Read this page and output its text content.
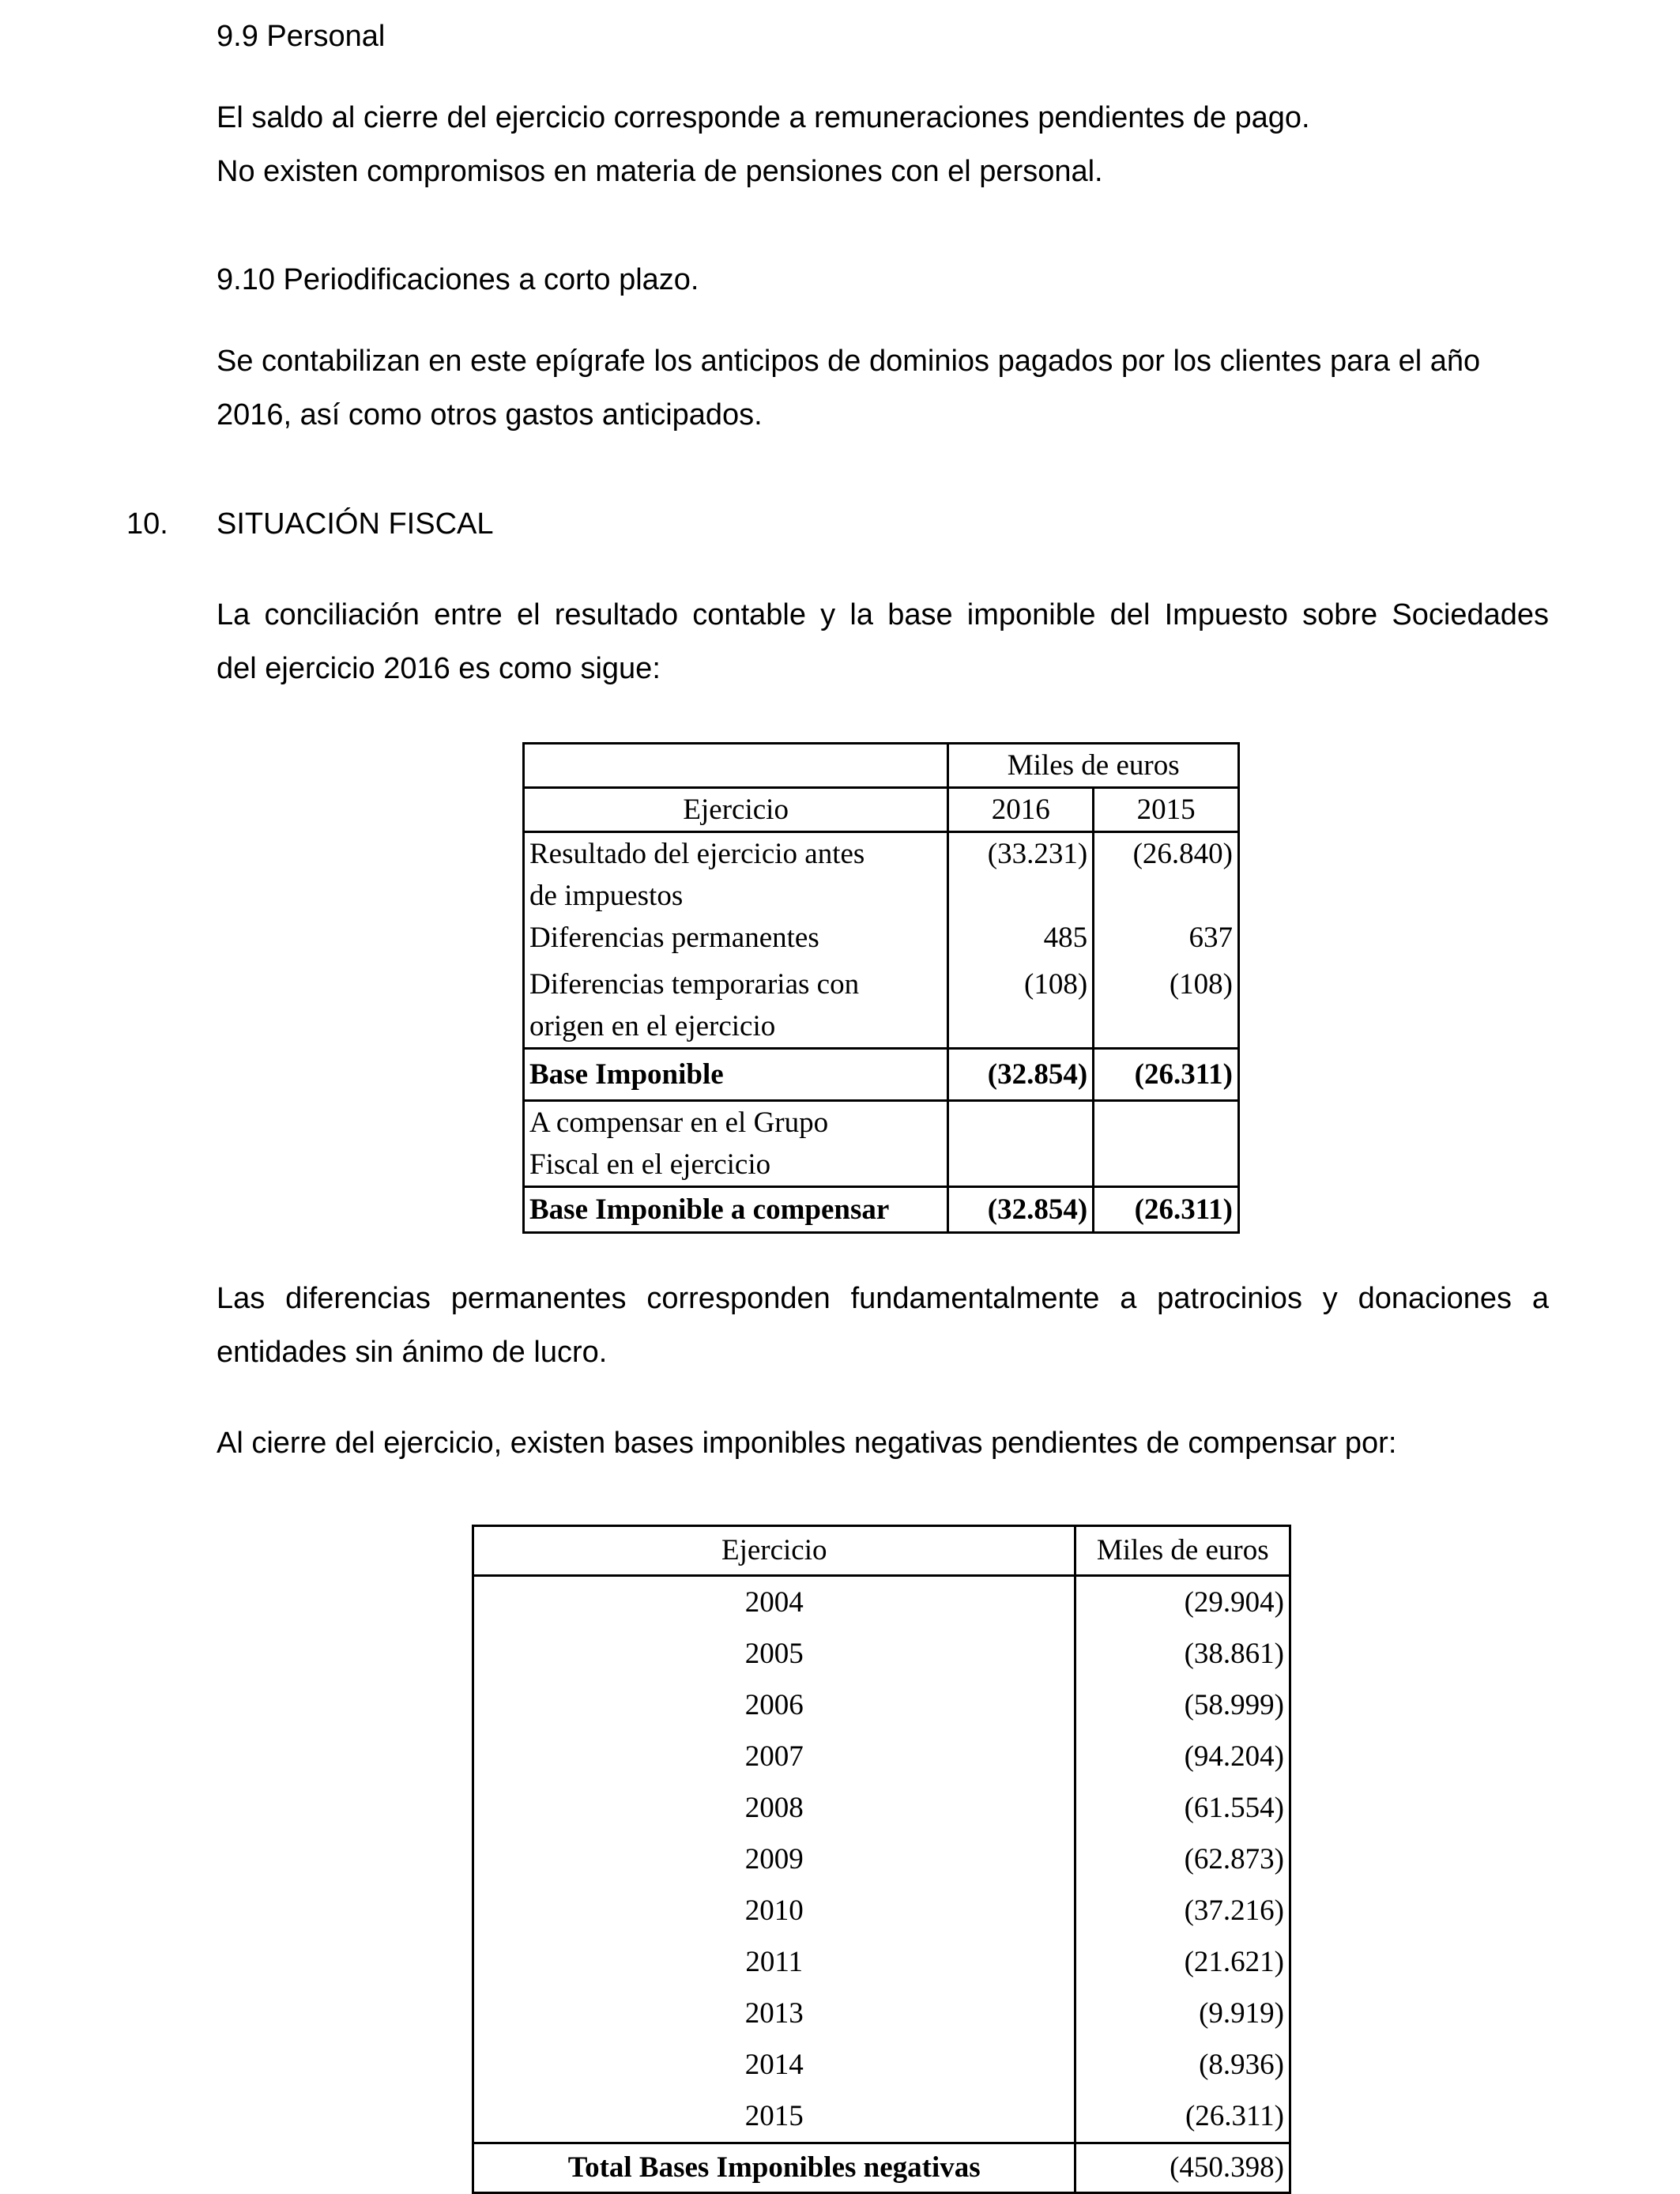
9.9 Personal

El saldo al cierre del ejercicio corresponde a remuneraciones pendientes de pago.

No existen compromisos en materia de pensiones con el personal.

9.10 Periodificaciones a corto plazo.

Se contabilizan en este epígrafe los anticipos de dominios pagados por los clientes para el año

2016, así como otros gastos anticipados.

10. SITUACIÓN FISCAL

La conciliación entre el resultado contable y la base imponible del Impuesto sobre Sociedades

del ejercicio 2016 es como sigue:

	Miles de euros	
Ejercicio	2016	2015
Resultado del ejercicio antes
de impuestos	(33.231)	(26.840)
Diferencias permanentes	485	637
Diferencias temporarias con
origen en el ejercicio	(108)	(108)
Base Imponible	(32.854)	(26.311)
A compensar en el Grupo
Fiscal en el ejercicio		
Base Imponible a compensar	(32.854)	(26.311)

Las diferencias permanentes corresponden fundamentalmente a patrocinios y donaciones a

entidades sin ánimo de lucro.

Al cierre del ejercicio, existen bases imponibles negativas pendientes de compensar por:

Ejercicio	Miles de euros
2004	(29.904)
2005	(38.861)
2006	(58.999)
2007	(94.204)
2008	(61.554)
2009	(62.873)
2010	(37.216)
2011	(21.621)
2013	(9.919)
2014	(8.936)
2015	(26.311)
Total Bases Imponibles negativas	(450.398)
